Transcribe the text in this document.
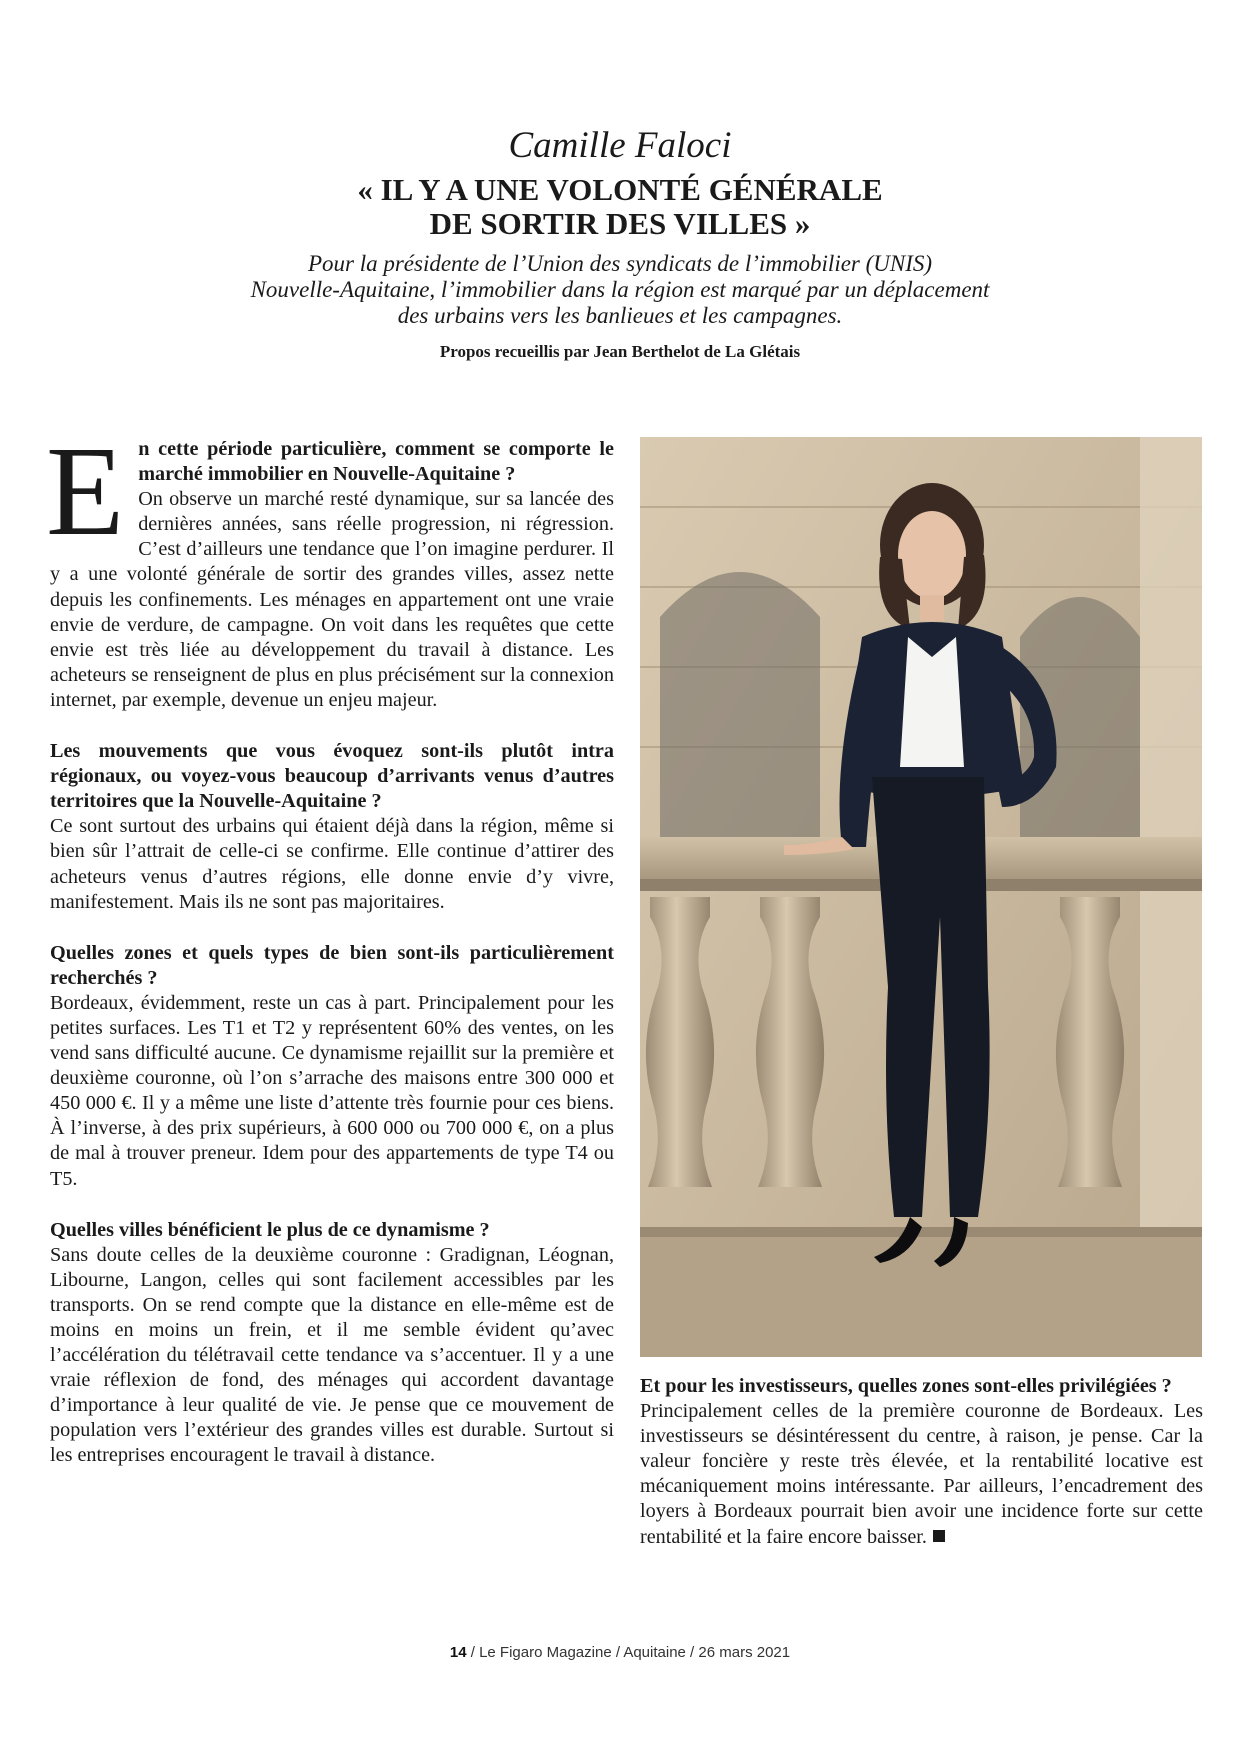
Camille Faloci
« IL Y A UNE VOLONTÉ GÉNÉRALE
DE SORTIR DES VILLES »

Pour la présidente de l’Union des syndicats de l’immobilier (UNIS)
Nouvelle-Aquitaine, l’immobilier dans la région est marqué par un déplacement
des urbains vers les banlieues et les campagnes.

Propos recueillis par Jean Berthelot de La Glétais
E n cette période particulière, comment se comporte le marché immobilier en Nouvelle-Aquitaine ?

On observe un marché resté dynamique, sur sa lancée des dernières années, sans réelle progression, ni régression. C’est d’ailleurs une tendance que l’on imagine perdurer. Il y a une volonté générale de sortir des grandes villes, assez nette depuis les confinements. Les ménages en appartement ont une vraie envie de verdure, de campagne. On voit dans les requêtes que cette envie est très liée au développement du travail à distance. Les acheteurs se renseignent de plus en plus précisément sur la connexion internet, par exemple, devenue un enjeu majeur.

Les mouvements que vous évoquez sont-ils plutôt intra régionaux, ou voyez-vous beaucoup d’arrivants venus d’autres territoires que la Nouvelle-Aquitaine ?

Ce sont surtout des urbains qui étaient déjà dans la région, même si bien sûr l’attrait de celle-ci se confirme. Elle continue d’attirer des acheteurs venus d’autres régions, elle donne envie d’y vivre, manifestement. Mais ils ne sont pas majoritaires.

Quelles zones et quels types de bien sont-ils particulièrement recherchés ?

Bordeaux, évidemment, reste un cas à part. Principalement pour les petites surfaces. Les T1 et T2 y représentent 60% des ventes, on les vend sans difficulté aucune. Ce dynamisme rejaillit sur la première et deuxième couronne, où l’on s’arrache des maisons entre 300 000 et 450 000 €. Il y a même une liste d’attente très fournie pour ces biens. À l’inverse, à des prix supérieurs, à 600 000 ou 700 000 €, on a plus de mal à trouver preneur. Idem pour des appartements de type T4 ou T5.

Quelles villes bénéficient le plus de ce dynamisme ?

Sans doute celles de la deuxième couronne : Gradignan, Léognan, Libourne, Langon, celles qui sont facilement accessibles par les transports. On se rend compte que la distance en elle-même est de moins en moins un frein, et il me semble évident qu’avec l’accélération du télétravail cette tendance va s’accentuer. Il y a une vraie réflexion de fond, des ménages qui accordent davantage d’importance à leur qualité de vie. Je pense que ce mouvement de population vers l’extérieur des grandes villes est durable. Surtout si les entreprises encouragent le travail à distance.

Et pour les investisseurs, quelles zones sont-elles privilégiées ?

Principalement celles de la première couronne de Bordeaux. Les investisseurs se désintéressent du centre, à raison, je pense. Car la valeur foncière y reste très élevée, et la rentabilité locative est mécaniquement moins intéressante. Par ailleurs, l’encadrement des loyers à Bordeaux pourrait bien avoir une incidence forte sur cette rentabilité et la faire encore baisser.

14 / Le Figaro Magazine / Aquitaine / 26 mars 2021
